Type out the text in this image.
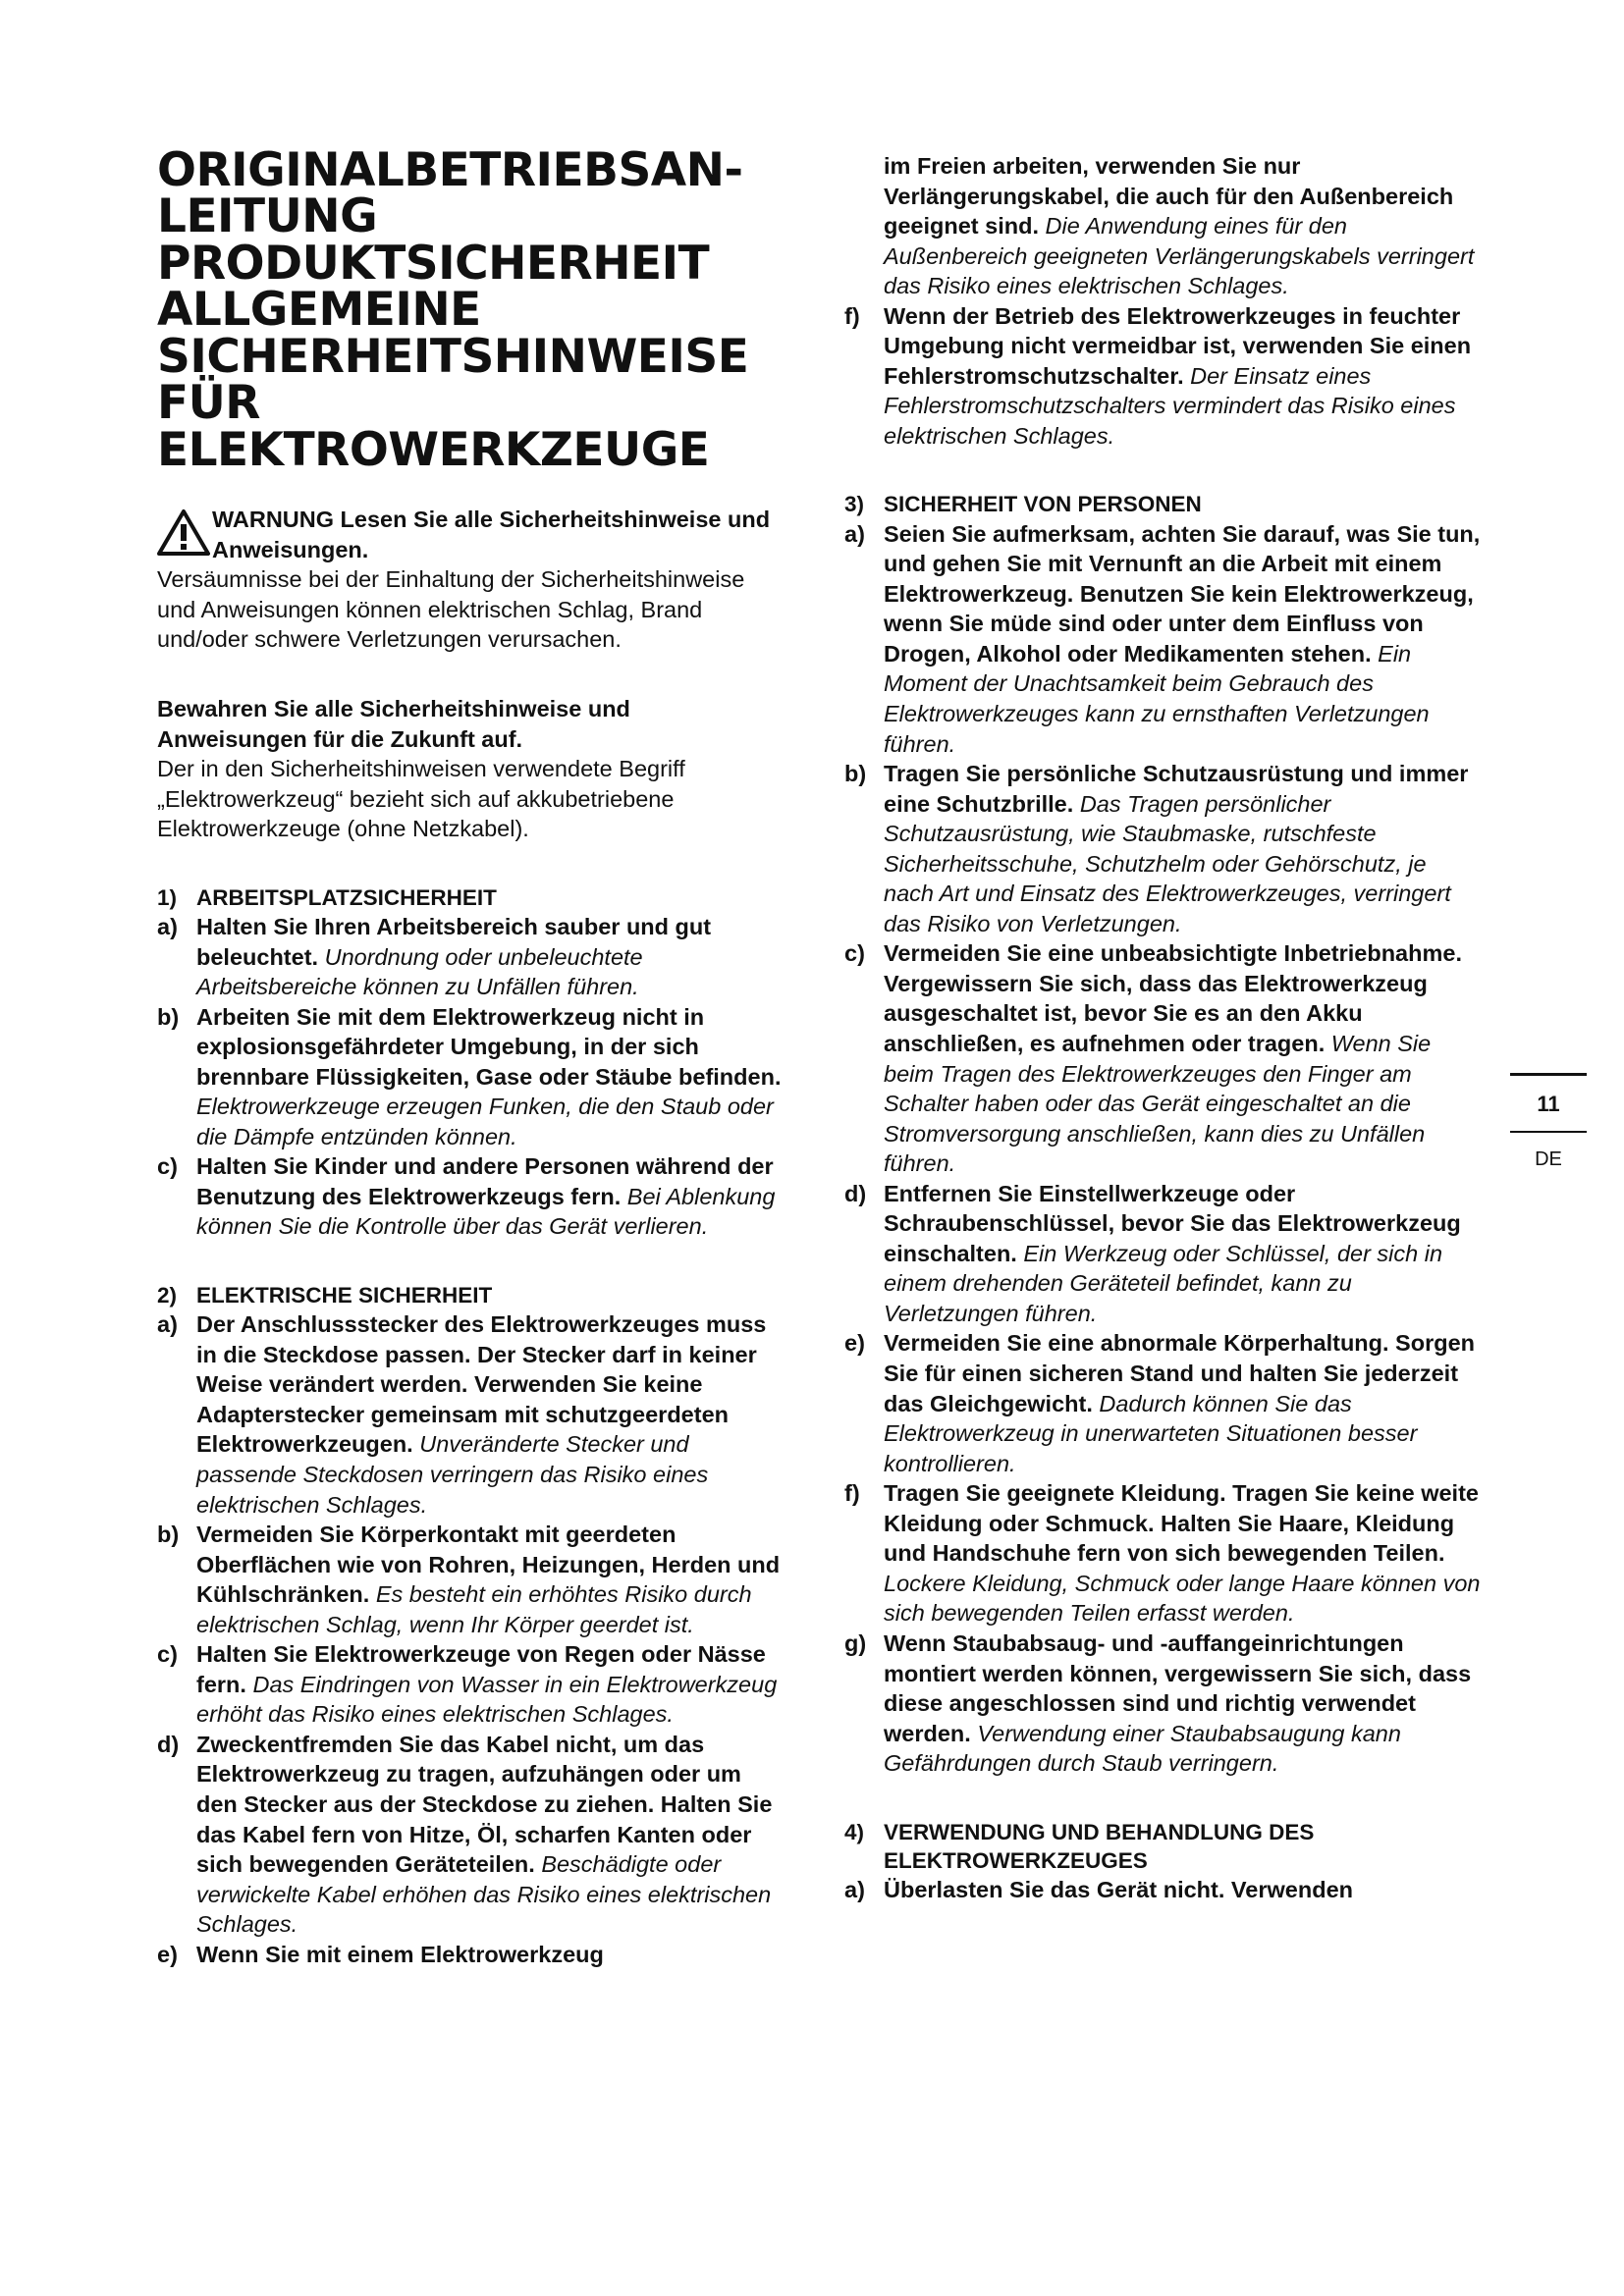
ORIGINALBETRIEBSAN-
LEITUNG
PRODUKTSICHERHEIT
ALLGEMEINE
SICHERHEITSHINWEISE
FÜR
ELEKTROWERKZEUGE
WARNUNG Lesen Sie alle Sicherheitshinweise und Anweisungen.

Versäumnisse bei der Einhaltung der Sicherheitshinweise und Anweisungen können elektrischen Schlag, Brand und/oder schwere Verletzungen verursachen.

Bewahren Sie alle Sicherheitshinweise und Anweisungen für die Zukunft auf.
Der in den Sicherheitshinweisen verwendete Begriff „Elektrowerkzeug“ bezieht sich auf akkubetriebene Elektrowerkzeuge (ohne Netzkabel).

1) ARBEITSPLATZSICHERHEIT
a) Halten Sie Ihren Arbeitsbereich sauber und gut beleuchtet. Unordnung oder unbeleuchtete Arbeitsbereiche können zu Unfällen führen.
b) Arbeiten Sie mit dem Elektrowerkzeug nicht in explosionsgefährdeter Umgebung, in der sich brennbare Flüssigkeiten, Gase oder Stäube befinden. Elektrowerkzeuge erzeugen Funken, die den Staub oder die Dämpfe entzünden können.
c) Halten Sie Kinder und andere Personen während der Benutzung des Elektrowerkzeugs fern. Bei Ablenkung können Sie die Kontrolle über das Gerät verlieren.
2) ELEKTRISCHE SICHERHEIT
a) Der Anschlussstecker des Elektrowerkzeuges muss in die Steckdose passen. Der Stecker darf in keiner Weise verändert werden. Verwenden Sie keine Adapterstecker gemeinsam mit schutzgeerdeten Elektrowerkzeugen. Unveränderte Stecker und passende Steckdosen verringern das Risiko eines elektrischen Schlages.
b) Vermeiden Sie Körperkontakt mit geerdeten Oberflächen wie von Rohren, Heizungen, Herden und Kühlschränken. Es besteht ein erhöhtes Risiko durch elektrischen Schlag, wenn Ihr Körper geerdet ist.
c) Halten Sie Elektrowerkzeuge von Regen oder Nässe fern. Das Eindringen von Wasser in ein Elektrowerkzeug erhöht das Risiko eines elektrischen Schlages.
d) Zweckentfremden Sie das Kabel nicht, um das Elektrowerkzeug zu tragen, aufzuhängen oder um den Stecker aus der Steckdose zu ziehen. Halten Sie das Kabel fern von Hitze, Öl, scharfen Kanten oder sich bewegenden Geräteteilen. Beschädigte oder verwickelte Kabel erhöhen das Risiko eines elektrischen Schlages.
e) Wenn Sie mit einem Elektrowerkzeug
im Freien arbeiten, verwenden Sie nur Verlängerungskabel, die auch für den Außenbereich geeignet sind. Die Anwendung eines für den Außenbereich geeigneten Verlängerungskabels verringert das Risiko eines elektrischen Schlages.
f) Wenn der Betrieb des Elektrowerkzeuges in feuchter Umgebung nicht vermeidbar ist, verwenden Sie einen Fehlerstromschutzschalter. Der Einsatz eines Fehlerstromschutzschalters vermindert das Risiko eines elektrischen Schlages.
3) SICHERHEIT VON PERSONEN
a) Seien Sie aufmerksam, achten Sie darauf, was Sie tun, und gehen Sie mit Vernunft an die Arbeit mit einem Elektrowerkzeug. Benutzen Sie kein Elektrowerkzeug, wenn Sie müde sind oder unter dem Einfluss von Drogen, Alkohol oder Medikamenten stehen. Ein Moment der Unachtsamkeit beim Gebrauch des Elektrowerkzeuges kann zu ernsthaften Verletzungen führen.
b) Tragen Sie persönliche Schutzausrüstung und immer eine Schutzbrille. Das Tragen persönlicher Schutzausrüstung, wie Staubmaske, rutschfeste Sicherheitsschuhe, Schutzhelm oder Gehörschutz, je nach Art und Einsatz des Elektrowerkzeuges, verringert das Risiko von Verletzungen.
c) Vermeiden Sie eine unbeabsichtigte Inbetriebnahme. Vergewissern Sie sich, dass das Elektrowerkzeug ausgeschaltet ist, bevor Sie es an den Akku anschließen, es aufnehmen oder tragen. Wenn Sie beim Tragen des Elektrowerkzeuges den Finger am Schalter haben oder das Gerät eingeschaltet an die Stromversorgung anschließen, kann dies zu Unfällen führen.
d) Entfernen Sie Einstellwerkzeuge oder Schraubenschlüssel, bevor Sie das Elektrowerkzeug einschalten. Ein Werkzeug oder Schlüssel, der sich in einem drehenden Geräteteil befindet, kann zu Verletzungen führen.
e) Vermeiden Sie eine abnormale Körperhaltung. Sorgen Sie für einen sicheren Stand und halten Sie jederzeit das Gleichgewicht. Dadurch können Sie das Elektrowerkzeug in unerwarteten Situationen besser kontrollieren.
f) Tragen Sie geeignete Kleidung. Tragen Sie keine weite Kleidung oder Schmuck. Halten Sie Haare, Kleidung und Handschuhe fern von sich bewegenden Teilen. Lockere Kleidung, Schmuck oder lange Haare können von sich bewegenden Teilen erfasst werden.
g) Wenn Staubabsaug- und -auffangeinrichtungen montiert werden können, vergewissern Sie sich, dass diese angeschlossen sind und richtig verwendet werden. Verwendung einer Staubabsaugung kann Gefährdungen durch Staub verringern.
4) VERWENDUNG UND BEHANDLUNG DES ELEKTROWERKZEUGES
a) Überlasten Sie das Gerät nicht. Verwenden
11
DE
